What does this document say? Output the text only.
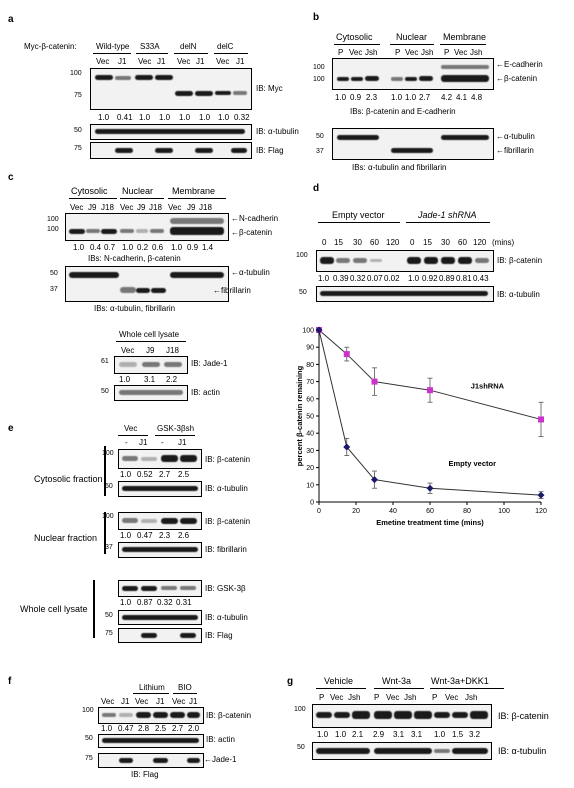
a
Myc-β-catenin: Wild-type S33A	delN	delC
Vec J1 Vec J1 Vec J1 Vec J1
100
75
IB: Myc
1.0 0.41 1.0 1.0 1.0 1.0 1.0 0.32
50	IB: α-tubulin
75	IB: Flag
b
Cytosolic	Nuclear Membrane
P Vec Jsh P Vec Jsh P Vec Jsh
100
100
← E-cadherin
← β-catenin
1.0 0.9 2.3 1.0 1.0 2.7 4.2 4.1 4.8
IBs: β-catenin and E-cadherin
50
37
← α-tubulin
← fibrillarin
IBs: α-tubulin and fibrillarin
c
Cytosolic Nuclear Membrane
Vec J9 J18 Vec J9 J18 Vec J9 J18
100
100
← N-cadherin
← β-catenin
1.0 0.4 0.7 1.0 0.2 0.6 1.0 0.9 1.4
IBs: N-cadherin, β-catenin
50
37
← α-tubulin
← fibrillarin
IBs: α-tubulin, fibrillarin
Whole cell lysate
Vec J9 J18
61	IB: Jade-1
1.0 3.1 2.2
50	IB: actin
d
Empty vector	Jade-1 shRNA
0 15 30 60 120 0 15 30 60 120 (mins)
100
IB: β-catenin
1.0 0.39 0.32 0.07 0.02 1.0 0.92 0.89 0.81 0.43
50	IB: α-tubulin
0
10
20
30
40
50
60
70
80
90
100
0	20	40	60	80	100	120
Emetine treatment time (mins)
percent β-catenin remaining	J1shRNA
Empty vector
e	Vec GSK-3βsh
- J1 - J1
Cytosolic fraction
100
IB: β-catenin
1.0 0.52 2.7 2.5
50	IB: α-tubulin
Nuclear fraction
100
IB: β-catenin
1.0 0.47 2.3 2.6
37	IB: fibrillarin
Whole cell lysate
IB: GSK-3β
1.0 0.87 0.32 0.31
50	IB: α-tubulin
75	IB: Flag
f
Lithium BIO
Vec J1 Vec J1 Vec J1
100
IB: β-catenin
1.0 0.47 2.8 2.5 2.7 2.0
50	IB: actin
75
←	Jade-1
IB: Flag
g	Vehicle	Wnt-3a Wnt-3a+DKK1
P Vec Jsh P Vec Jsh P Vec Jsh
100
IB: β-catenin
1.0 1.0 2.1 2.9 3.1 3.1 1.0 1.5 3.2
50	IB: α-tubulin
